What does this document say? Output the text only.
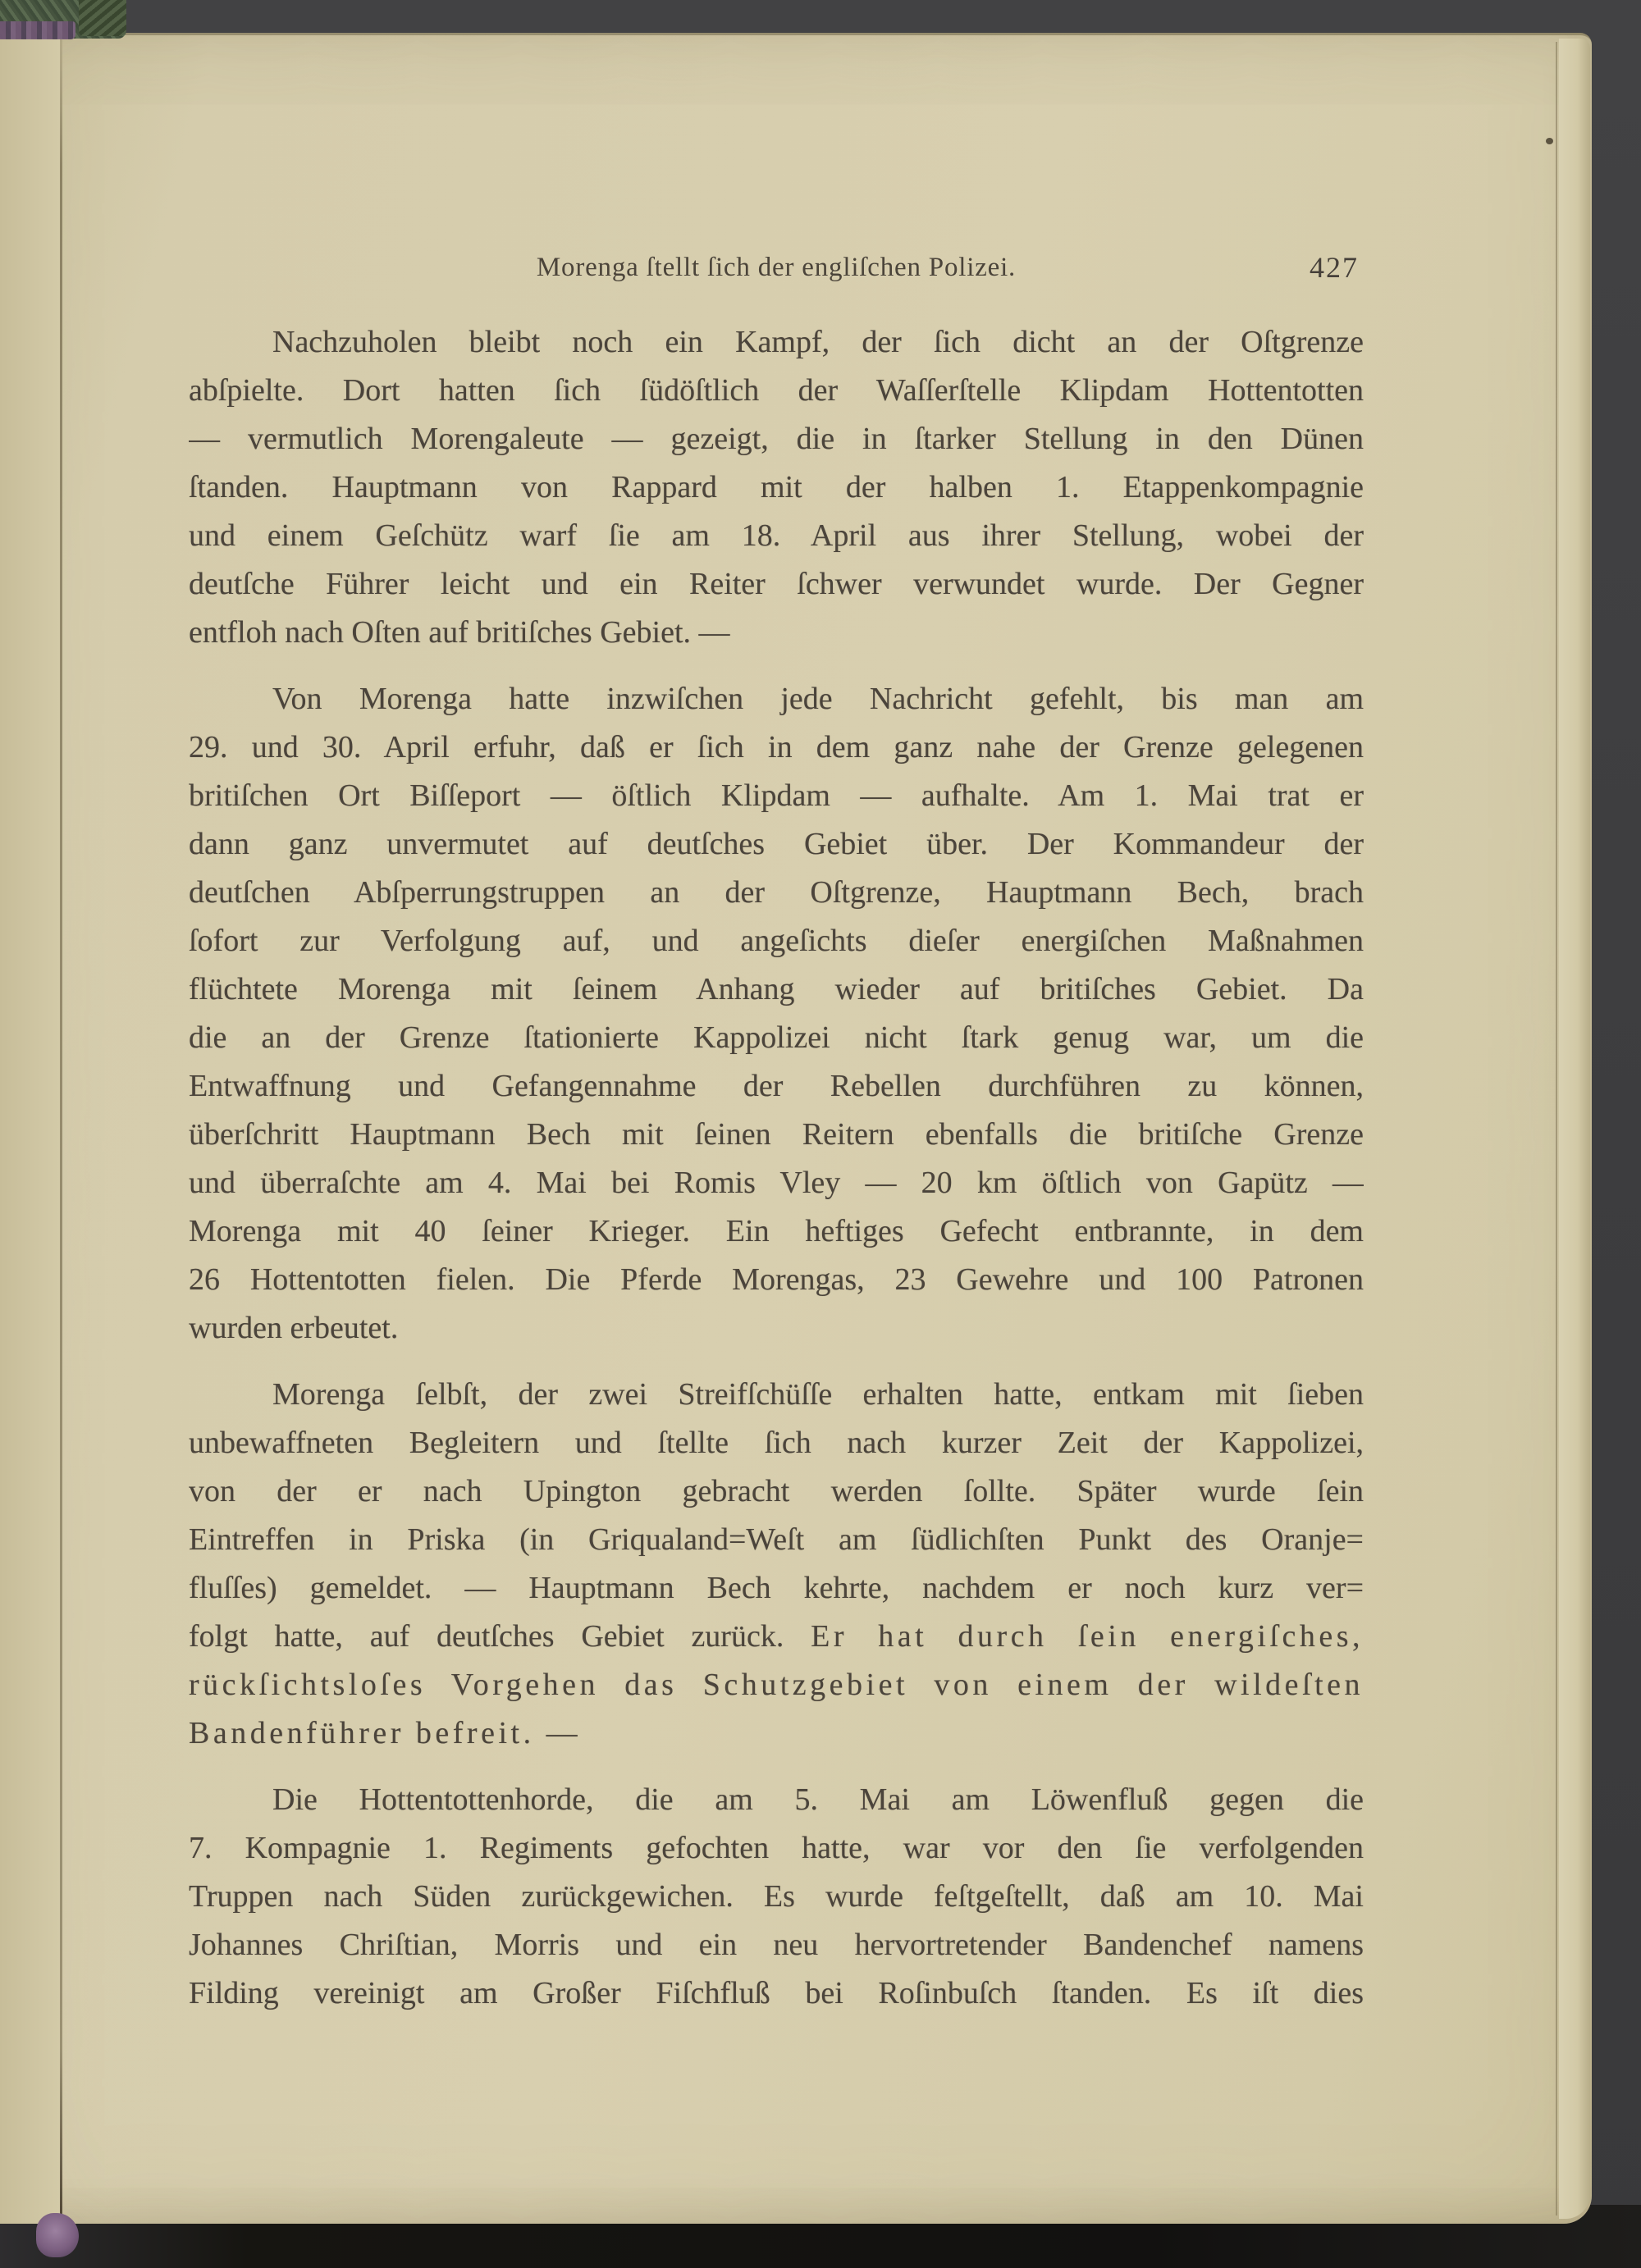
Morenga ſtellt ſich der engliſchen Polizei.	427
Nachzuholen bleibt noch ein Kampf, der ſich dicht an der Oſtgrenze
abſpielte. Dort hatten ſich ſüdöſtlich der Waſſerſtelle Klipdam Hottentotten
— vermutlich Morengaleute — gezeigt, die in ſtarker Stellung in den Dünen
ſtanden. Hauptmann von Rappard mit der halben 1. Etappenkompagnie
und einem Geſchütz warf ſie am 18. April aus ihrer Stellung, wobei der
deutſche Führer leicht und ein Reiter ſchwer verwundet wurde. Der Gegner
entfloh nach Oſten auf britiſches Gebiet. —
Von Morenga hatte inzwiſchen jede Nachricht gefehlt, bis man am
29. und 30. April erfuhr, daß er ſich in dem ganz nahe der Grenze gelegenen
britiſchen Ort Biſſeport — öſtlich Klipdam — aufhalte. Am 1. Mai trat er
dann ganz unvermutet auf deutſches Gebiet über. Der Kommandeur der
deutſchen Abſperrungstruppen an der Oſtgrenze, Hauptmann Bech, brach
ſofort zur Verfolgung auf, und angeſichts dieſer energiſchen Maßnahmen
flüchtete Morenga mit ſeinem Anhang wieder auf britiſches Gebiet. Da
die an der Grenze ſtationierte Kappolizei nicht ſtark genug war, um die
Entwaffnung und Gefangennahme der Rebellen durchführen zu können,
überſchritt Hauptmann Bech mit ſeinen Reitern ebenfalls die britiſche Grenze
und überraſchte am 4. Mai bei Romis Vley — 20 km öſtlich von Gapütz —
Morenga mit 40 ſeiner Krieger. Ein heftiges Gefecht entbrannte, in dem
26 Hottentotten fielen. Die Pferde Morengas, 23 Gewehre und 100 Patronen
wurden erbeutet.
Morenga ſelbſt, der zwei Streifſchüſſe erhalten hatte, entkam mit ſieben
unbewaffneten Begleitern und ſtellte ſich nach kurzer Zeit der Kappolizei,
von der er nach Upington gebracht werden ſollte. Später wurde ſein
Eintreffen in Priska (in Griqualand=Weſt am ſüdlichſten Punkt des Oranje=
fluſſes) gemeldet. — Hauptmann Bech kehrte, nachdem er noch kurz ver=
folgt hatte, auf deutſches Gebiet zurück. Er hat durch ſein energiſches,
rückſichtsloſes Vorgehen das Schutzgebiet von einem der wildeſten
Bandenführer befreit. —
Die Hottentottenhorde, die am 5. Mai am Löwenfluß gegen die
7. Kompagnie 1. Regiments gefochten hatte, war vor den ſie verfolgenden
Truppen nach Süden zurückgewichen. Es wurde feſtgeſtellt, daß am 10. Mai
Johannes Chriſtian, Morris und ein neu hervortretender Bandenchef namens
Filding vereinigt am Großer Fiſchfluß bei Roſinbuſch ſtanden. Es iſt dies
